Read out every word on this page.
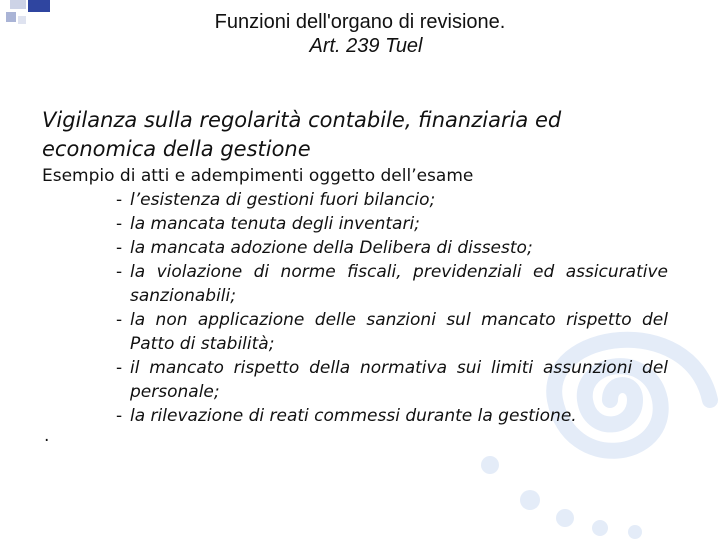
Funzioni dell'organo di revisione.
Art. 239 Tuel
Vigilanza sulla regolarità contabile, finanziaria ed economica della gestione
Esempio di atti e adempimenti oggetto dell’esame
- l’esistenza di gestioni fuori bilancio;
- la mancata tenuta degli inventari;
- la mancata adozione della Delibera di dissesto;
- la violazione di norme fiscali, previdenziali ed assicurative sanzionabili;
- la non applicazione delle sanzioni sul mancato rispetto del Patto di stabilità;
- il mancato rispetto della normativa sui limiti assunzioni del personale;
- la rilevazione di reati commessi durante la gestione.
.
